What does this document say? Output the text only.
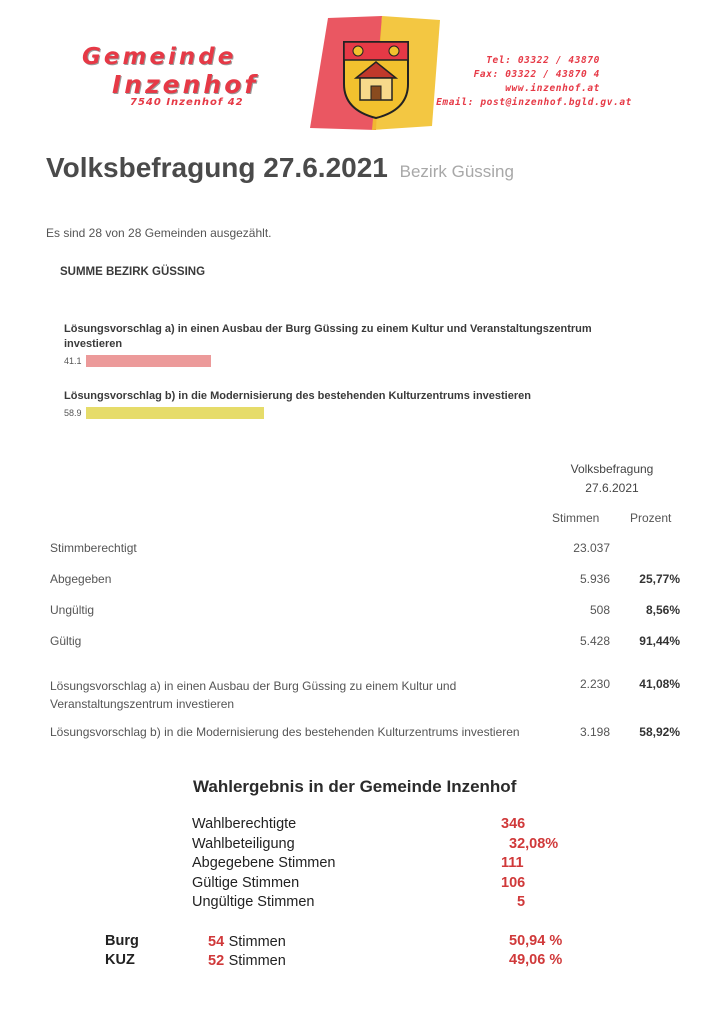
Gemeinde
Inzenhof
7540 Inzenhof 42
Tel: 03322 / 43870
Fax: 03322 / 43870 4
www.inzenhof.at
Email: post@inzenhof.bgld.gv.at
Volksbefragung 27.6.2021 Bezirk Güssing
Es sind 28 von 28 Gemeinden ausgezählt.
SUMME BEZIRK GÜSSING
Lösungsvorschlag a) in einen Ausbau der Burg Güssing zu einem Kultur und Veranstaltungszentrum investieren
41.1
Lösungsvorschlag b) in die Modernisierung des bestehenden Kulturzentrums investieren
58.9
Volksbefragung
27.6.2021
Stimmen	Prozent
Stimmberechtigt	23.037
Abgegeben	5.936	25,77%
Ungültig	508	8,56%
Gültig	5.428	91,44%
Lösungsvorschlag a) in einen Ausbau der Burg Güssing zu einem Kultur und Veranstaltungszentrum investieren
2.230	41,08%
Lösungsvorschlag b) in die Modernisierung des bestehenden Kulturzentrums investieren	3.198	58,92%
Wahlergebnis in der Gemeinde Inzenhof
Wahlberechtigte	346
Wahlbeteiligung	32,08%
Abgegebene Stimmen	111
Gültige Stimmen	106
Ungültige Stimmen	5
Burg	54 Stimmen	50,94 %
KUZ	52 Stimmen	49,06 %
